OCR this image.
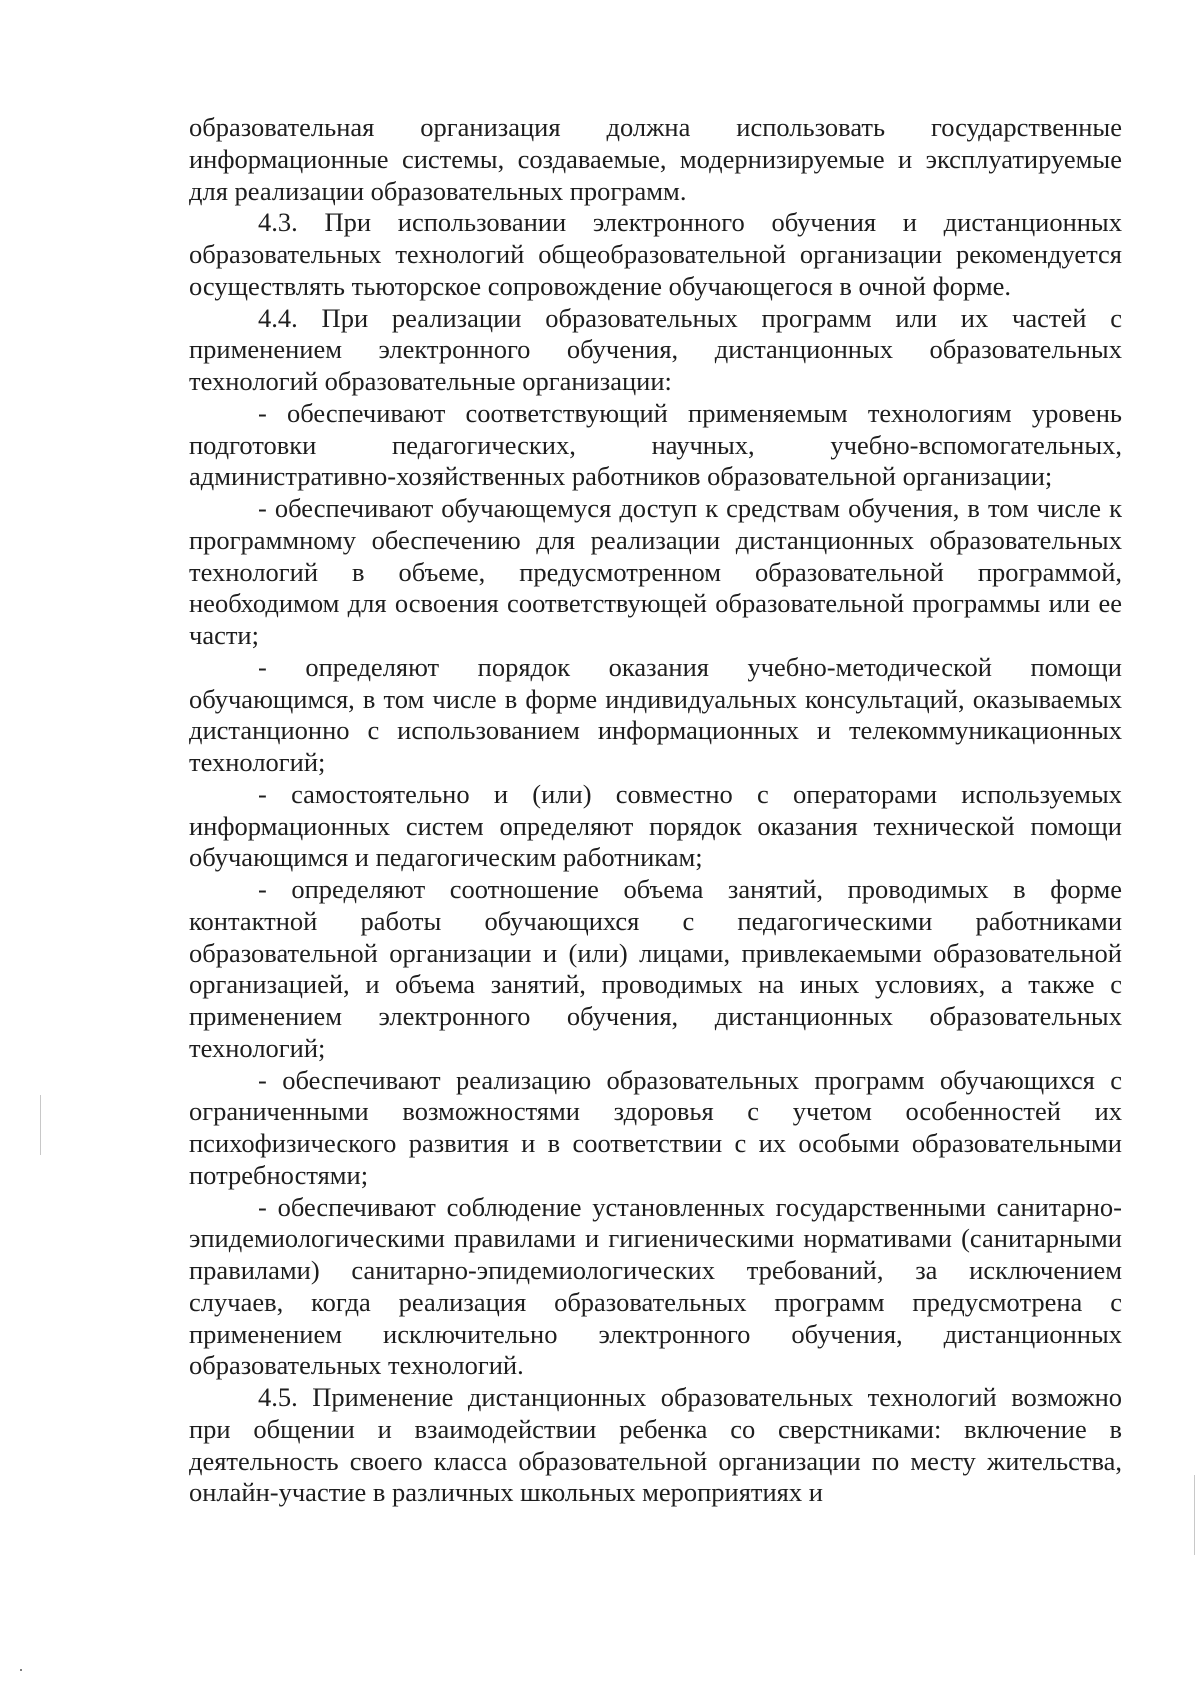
образовательная организация должна использовать государственные информационные системы, создаваемые, модернизируемые и эксплуатируемые для реализации образовательных программ.

4.3. При использовании электронного обучения и дистанционных образовательных технологий общеобразовательной организации рекомендуется осуществлять тьюторское сопровождение обучающегося в очной форме.

4.4. При реализации образовательных программ или их частей с применением электронного обучения, дистанционных образовательных технологий образовательные организации:

- обеспечивают соответствующий применяемым технологиям уровень подготовки педагогических, научных, учебно-вспомогательных, административно-хозяйственных работников образовательной организации;

- обеспечивают обучающемуся доступ к средствам обучения, в том числе к программному обеспечению для реализации дистанционных образовательных технологий в объеме, предусмотренном образовательной программой, необходимом для освоения соответствующей образовательной программы или ее части;

- определяют порядок оказания учебно-методической помощи обучающимся, в том числе в форме индивидуальных консультаций, оказываемых дистанционно с использованием информационных и телекоммуникационных технологий;

- самостоятельно и (или) совместно с операторами используемых информационных систем определяют порядок оказания технической помощи обучающимся и педагогическим работникам;

- определяют соотношение объема занятий, проводимых в форме контактной работы обучающихся с педагогическими работниками образовательной организации и (или) лицами, привлекаемыми образовательной организацией, и объема занятий, проводимых на иных условиях, а также с применением электронного обучения, дистанционных образовательных технологий;

- обеспечивают реализацию образовательных программ обучающихся с ограниченными возможностями здоровья с учетом особенностей их психофизического развития и в соответствии с их особыми образовательными потребностями;

- обеспечивают соблюдение установленных государственными санитарно-эпидемиологическими правилами и гигиеническими нормативами (санитарными правилами) санитарно-эпидемиологических требований, за исключением случаев, когда реализация образовательных программ предусмотрена с применением исключительно электронного обучения, дистанционных образовательных технологий.

4.5. Применение дистанционных образовательных технологий возможно при общении и взаимодействии ребенка со сверстниками: включение в деятельность своего класса образовательной организации по месту жительства, онлайн-участие в различных школьных мероприятиях и
